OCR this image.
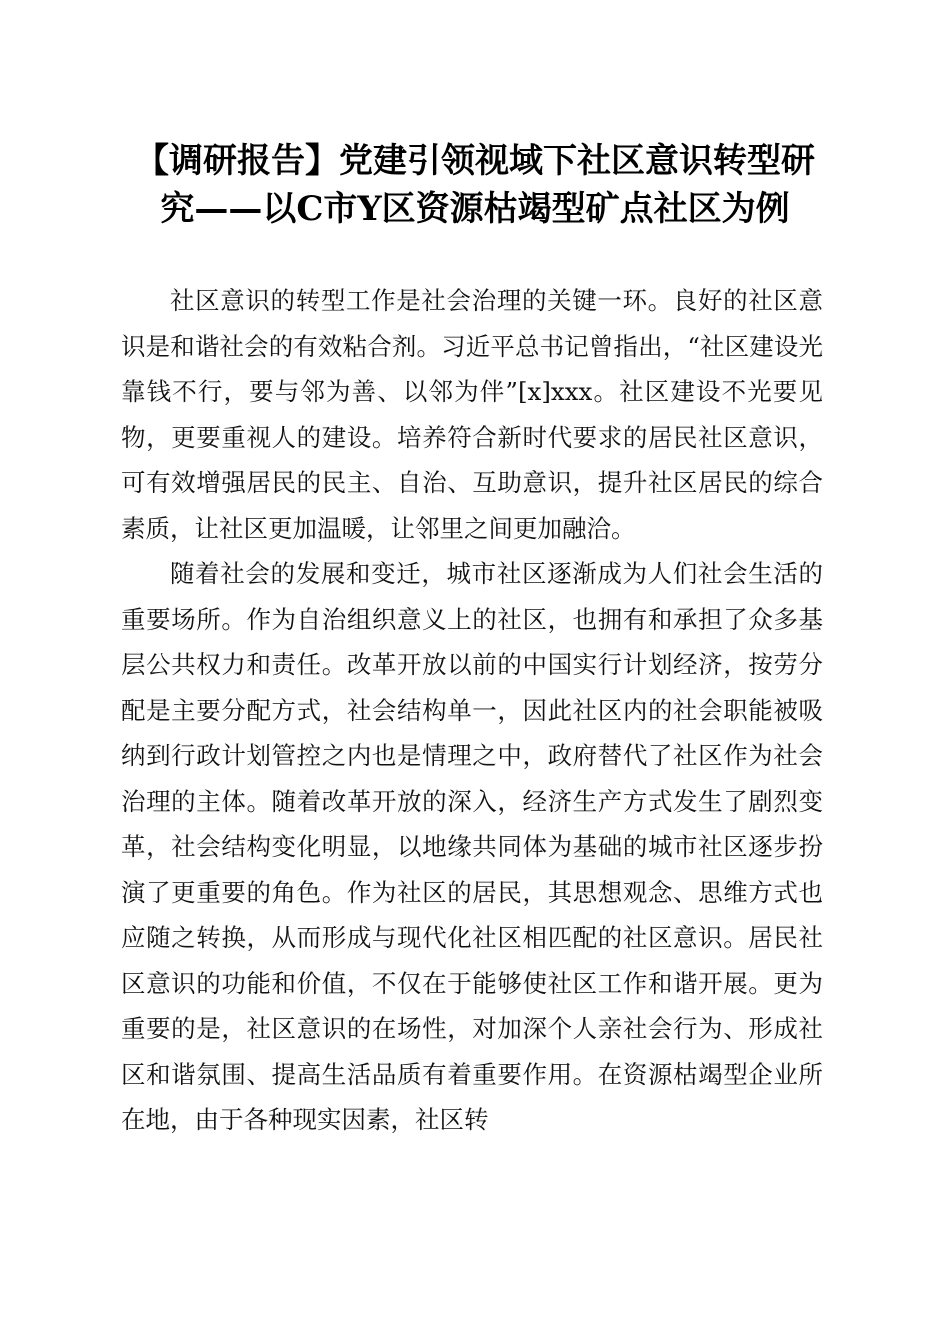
【调研报告】党建引领视域下社区意识转型研
究——以C市Y区资源枯竭型矿点社区为例

社区意识的转型工作是社会治理的关键一环。良好的社区意识是和谐社会的有效粘合剂。习近平总书记曾指出，“社区建设光靠钱不行，要与邻为善、以邻为伴”[x]xxx。社区建设不光要见物，更要重视人的建设。培养符合新时代要求的居民社区意识，可有效增强居民的民主、自治、互助意识，提升社区居民的综合素质，让社区更加温暖，让邻里之间更加融洽。

随着社会的发展和变迁，城市社区逐渐成为人们社会生活的重要场所。作为自治组织意义上的社区，也拥有和承担了众多基层公共权力和责任。改革开放以前的中国实行计划经济，按劳分配是主要分配方式，社会结构单一，因此社区内的社会职能被吸纳到行政计划管控之内也是情理之中，政府替代了社区作为社会治理的主体。随着改革开放的深入，经济生产方式发生了剧烈变革，社会结构变化明显，以地缘共同体为基础的城市社区逐步扮演了更重要的角色。作为社区的居民，其思想观念、思维方式也应随之转换，从而形成与现代化社区相匹配的社区意识。居民社区意识的功能和价值，不仅在于能够使社区工作和谐开展。更为重要的是，社区意识的在场性，对加深个人亲社会行为、形成社区和谐氛围、提高生活品质有着重要作用。在资源枯竭型企业所在地，由于各种现实因素，社区转
